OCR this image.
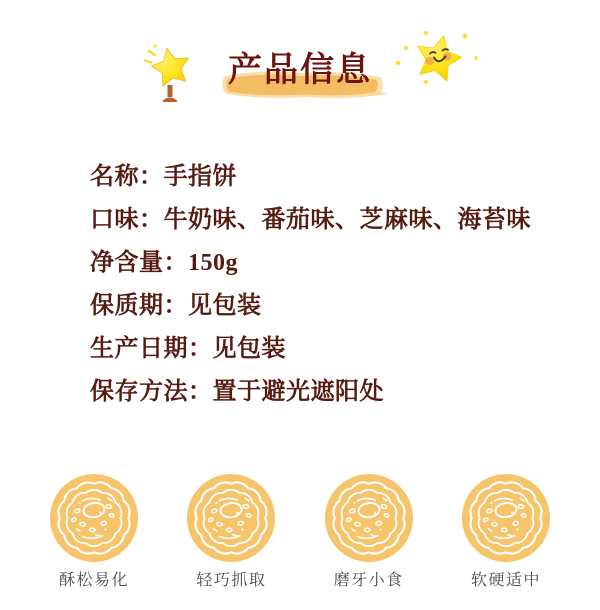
产品信息
名称：手指饼
口味：牛奶味、番茄味、芝麻味、海苔味
净含量：150g
保质期：见包装
生产日期：见包装
保存方法：置于避光遮阳处
酥松易化	轻巧抓取	磨牙小食	软硬适中
